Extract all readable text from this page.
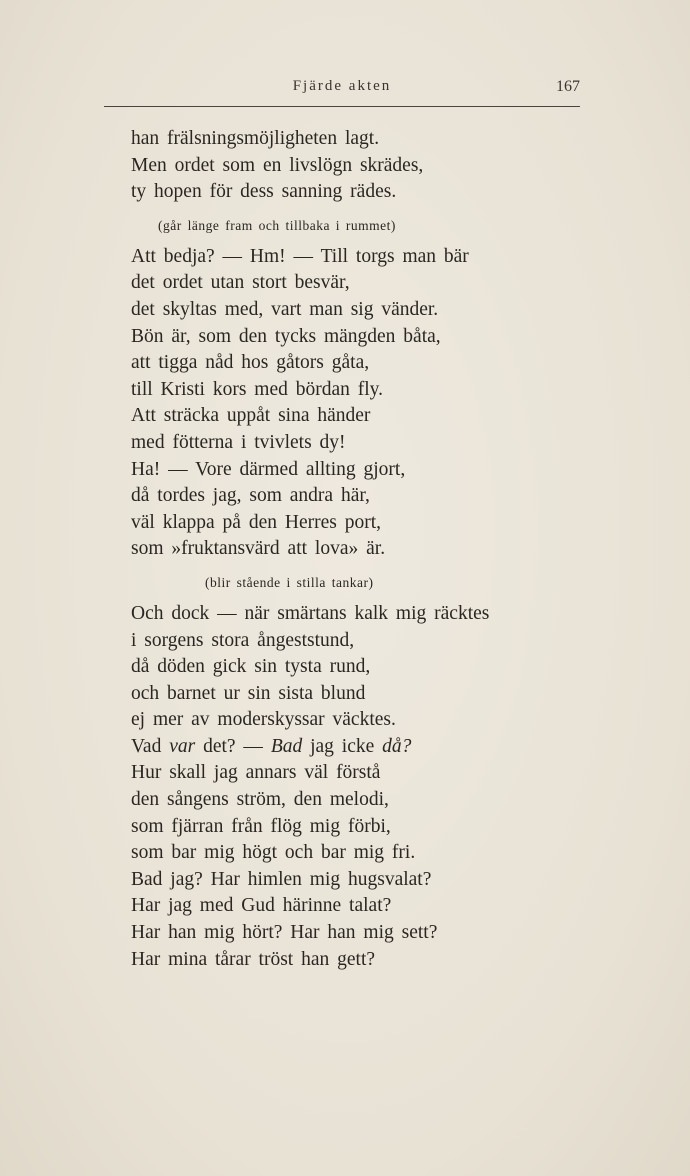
Fjärde akten	167
han frälsningsmöjligheten lagt.
Men ordet som en livslögn skrädes,
ty hopen för dess sanning rädes.
(går länge fram och tillbaka i rummet)
Att bedja? — Hm! — Till torgs man bär
det ordet utan stort besvär,
det skyltas med, vart man sig vänder.
Bön är, som den tycks mängden båta,
att tigga nåd hos gåtors gåta,
till Kristi kors med bördan fly.
Att sträcka uppåt sina händer
med fötterna i tvivlets dy!
Ha! — Vore därmed allting gjort,
då tordes jag, som andra här,
väl klappa på den Herres port,
som »fruktansvärd att lova» är.
(blir stående i stilla tankar)
Och dock — när smärtans kalk mig räcktes
i sorgens stora ångeststund,
då döden gick sin tysta rund,
och barnet ur sin sista blund
ej mer av moderskyssar väcktes.
Vad var det? — Bad jag icke då?
Hur skall jag annars väl förstå
den sångens ström, den melodi,
som fjärran från flög mig förbi,
som bar mig högt och bar mig fri.
Bad jag? Har himlen mig hugsvalat?
Har jag med Gud härinne talat?
Har han mig hört? Har han mig sett?
Har mina tårar tröst han gett?
